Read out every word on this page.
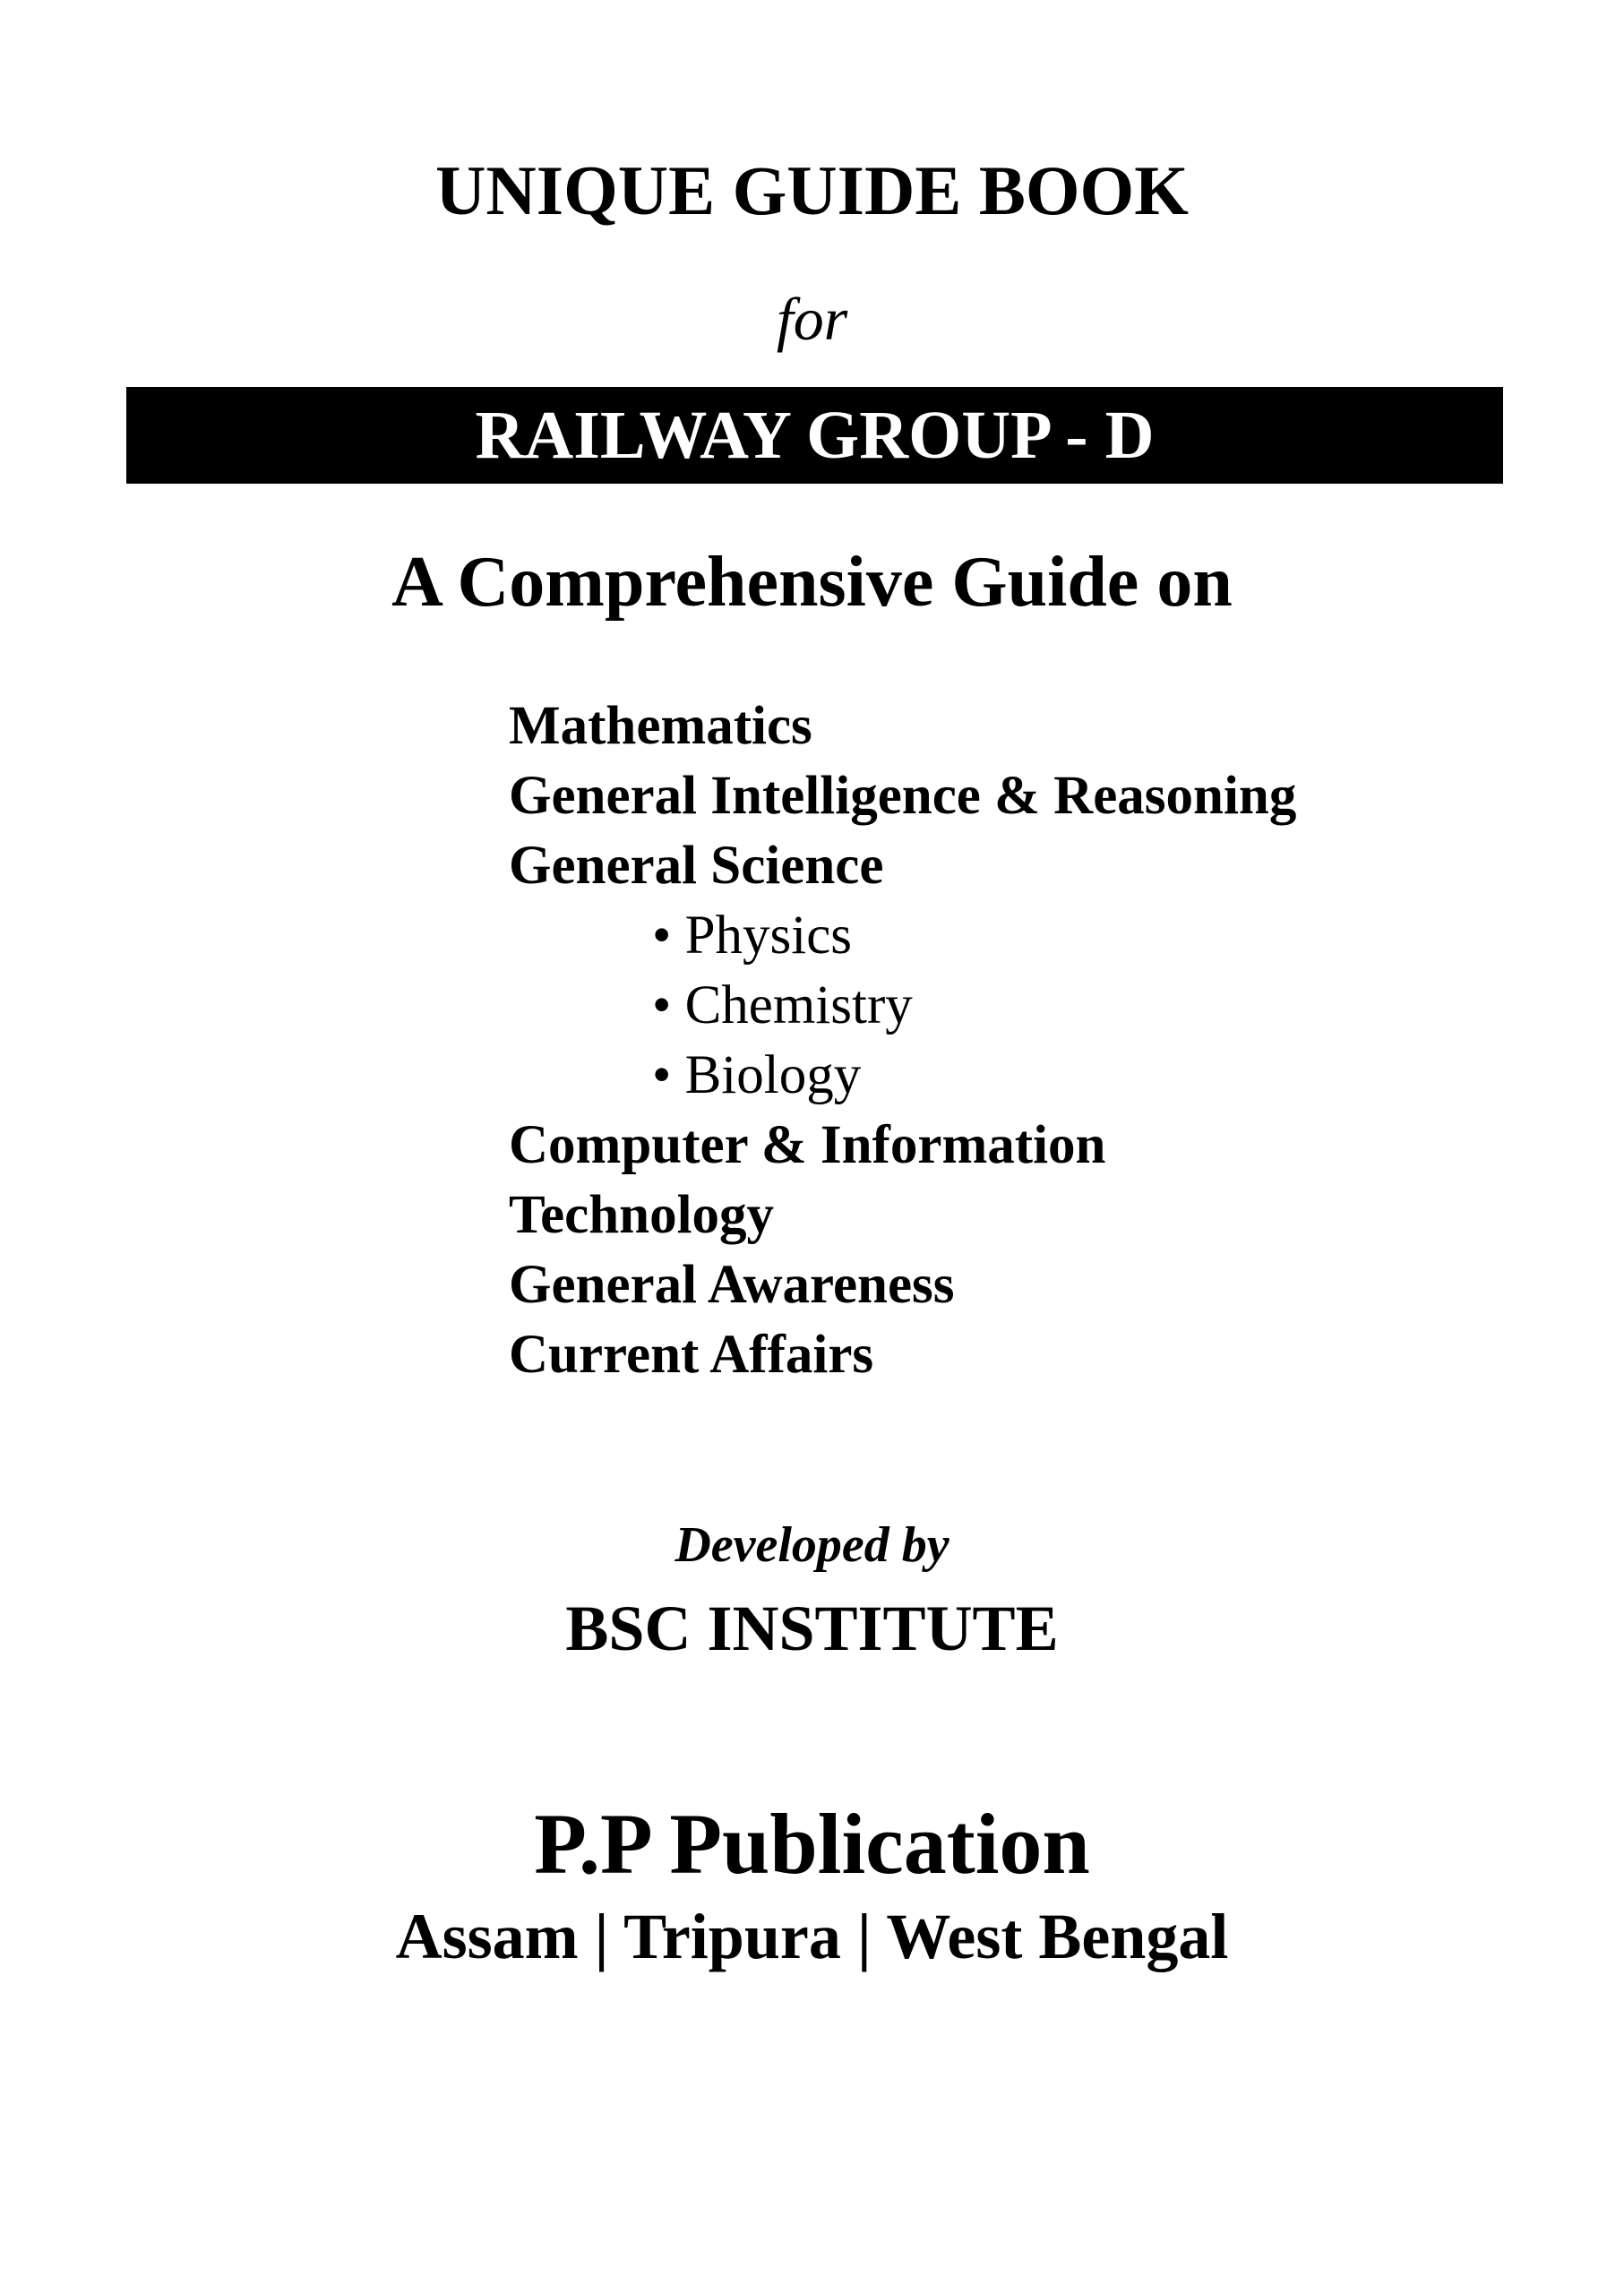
UNIQUE GUIDE BOOK
for
RAILWAY GROUP - D
A Comprehensive Guide on
Mathematics
General Intelligence & Reasoning
General Science
• Physics
• Chemistry
• Biology
Computer & Information
Technology
General Awareness
Current Affairs
Developed by
BSC INSTITUTE
P.P Publication
Assam | Tripura | West Bengal
